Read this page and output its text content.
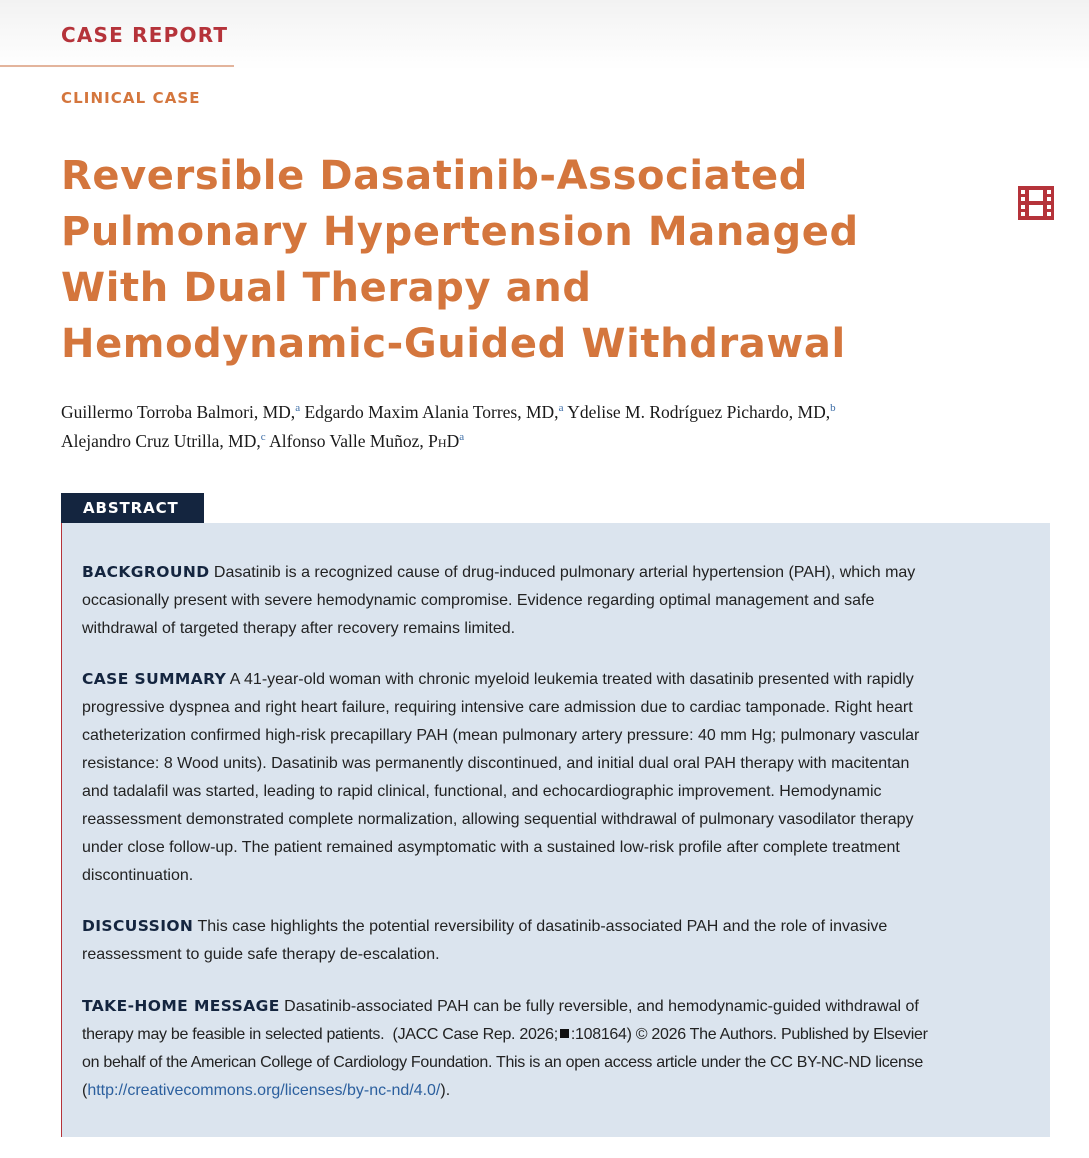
CASE REPORT
CLINICAL CASE
Reversible Dasatinib-Associated
Pulmonary Hypertension Managed
With Dual Therapy and
Hemodynamic-Guided Withdrawal
Guillermo Torroba Balmori, MD,$^a$ Edgardo Maxim Alania Torres, MD,$^a$ Ydelise M. Rodríguez Pichardo, MD,$^b$
Alejandro Cruz Utrilla, MD,$^c$ Alfonso Valle Muñoz, PhD$^a$
ABSTRACT

BACKGROUND Dasatinib is a recognized cause of drug-induced pulmonary arterial hypertension (PAH), which may
occasionally present with severe hemodynamic compromise. Evidence regarding optimal management and safe
withdrawal of targeted therapy after recovery remains limited.

CASE SUMMARY A 41-year-old woman with chronic myeloid leukemia treated with dasatinib presented with rapidly
progressive dyspnea and right heart failure, requiring intensive care admission due to cardiac tamponade. Right heart
catheterization confirmed high-risk precapillary PAH (mean pulmonary artery pressure: 40 mm Hg; pulmonary vascular
resistance: 8 Wood units). Dasatinib was permanently discontinued, and initial dual oral PAH therapy with macitentan
and tadalafil was started, leading to rapid clinical, functional, and echocardiographic improvement. Hemodynamic
reassessment demonstrated complete normalization, allowing sequential withdrawal of pulmonary vasodilator therapy
under close follow-up. The patient remained asymptomatic with a sustained low-risk profile after complete treatment
discontinuation.

DISCUSSION This case highlights the potential reversibility of dasatinib-associated PAH and the role of invasive
reassessment to guide safe therapy de-escalation.

TAKE-HOME MESSAGE Dasatinib-associated PAH can be fully reversible, and hemodynamic-guided withdrawal of
therapy may be feasible in selected patients. (JACC Case Rep. 2026; :108164) © 2026 The Authors. Published by Elsevier
on behalf of the American College of Cardiology Foundation. This is an open access article under the CC BY-NC-ND license
(http://creativecommons.org/licenses/by-nc-nd/4.0/).
